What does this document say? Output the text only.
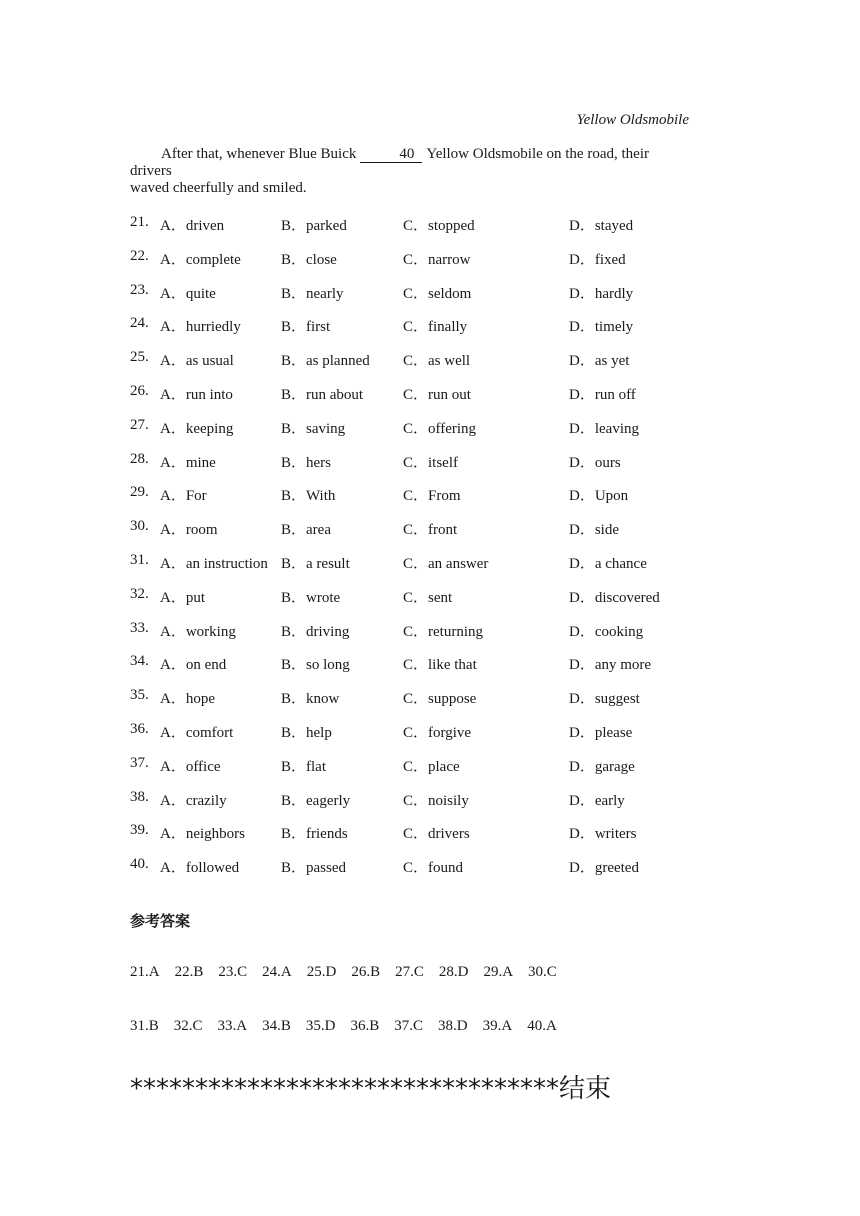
Yellow Oldsmobile
After that, whenever Blue Buick	40 Yellow Oldsmobile on the road, their drivers
waved cheerfully and smiled.
21. A．driven	B．parked	C．stopped	D．stayed
22. A．complete	B．close	C．narrow	D．fixed
23. A．quite	B．nearly	C．seldom	D．hardly
24. A．hurriedly	B．first	C．finally	D．timely
25. A．as usual	B．as planned C．as well	D．as yet
26. A．run into	B．run about	C．run out	D．run off
27. A．keeping	B．saving	C．offering	D．leaving
28. A．mine	B．hers	C．itself	D．ours
29. A．For	B．With	C．From	D．Upon
30. A．room	B．area	C．front	D．side
31. A．an instruction B．a result	C．an answer	D．a chance
32. A．put	B．wrote	C．sent	D．discovered
33. A．working	B．driving	C．returning	D．cooking
34. A．on end	B．so long	C．like that	D．any more
35. A．hope	B．know	C．suppose	D．suggest
36. A．comfort	B．help	C．forgive	D．please
37. A．office	B．flat	C．place	D．garage
38. A．crazily	B．eagerly	C．noisily	D．early
39. A．neighbors B．friends	C．drivers	D．writers
40. A．followed	B．passed	C．found	D．greeted
参考答案
21.A 22.B 23.C 24.A 25.D 26.B 27.C 28.D 29.A 30.C
31.B 32.C 33.A 34.B 35.D 36.B 37.C 38.D 39.A 40.A
*********************************结束
